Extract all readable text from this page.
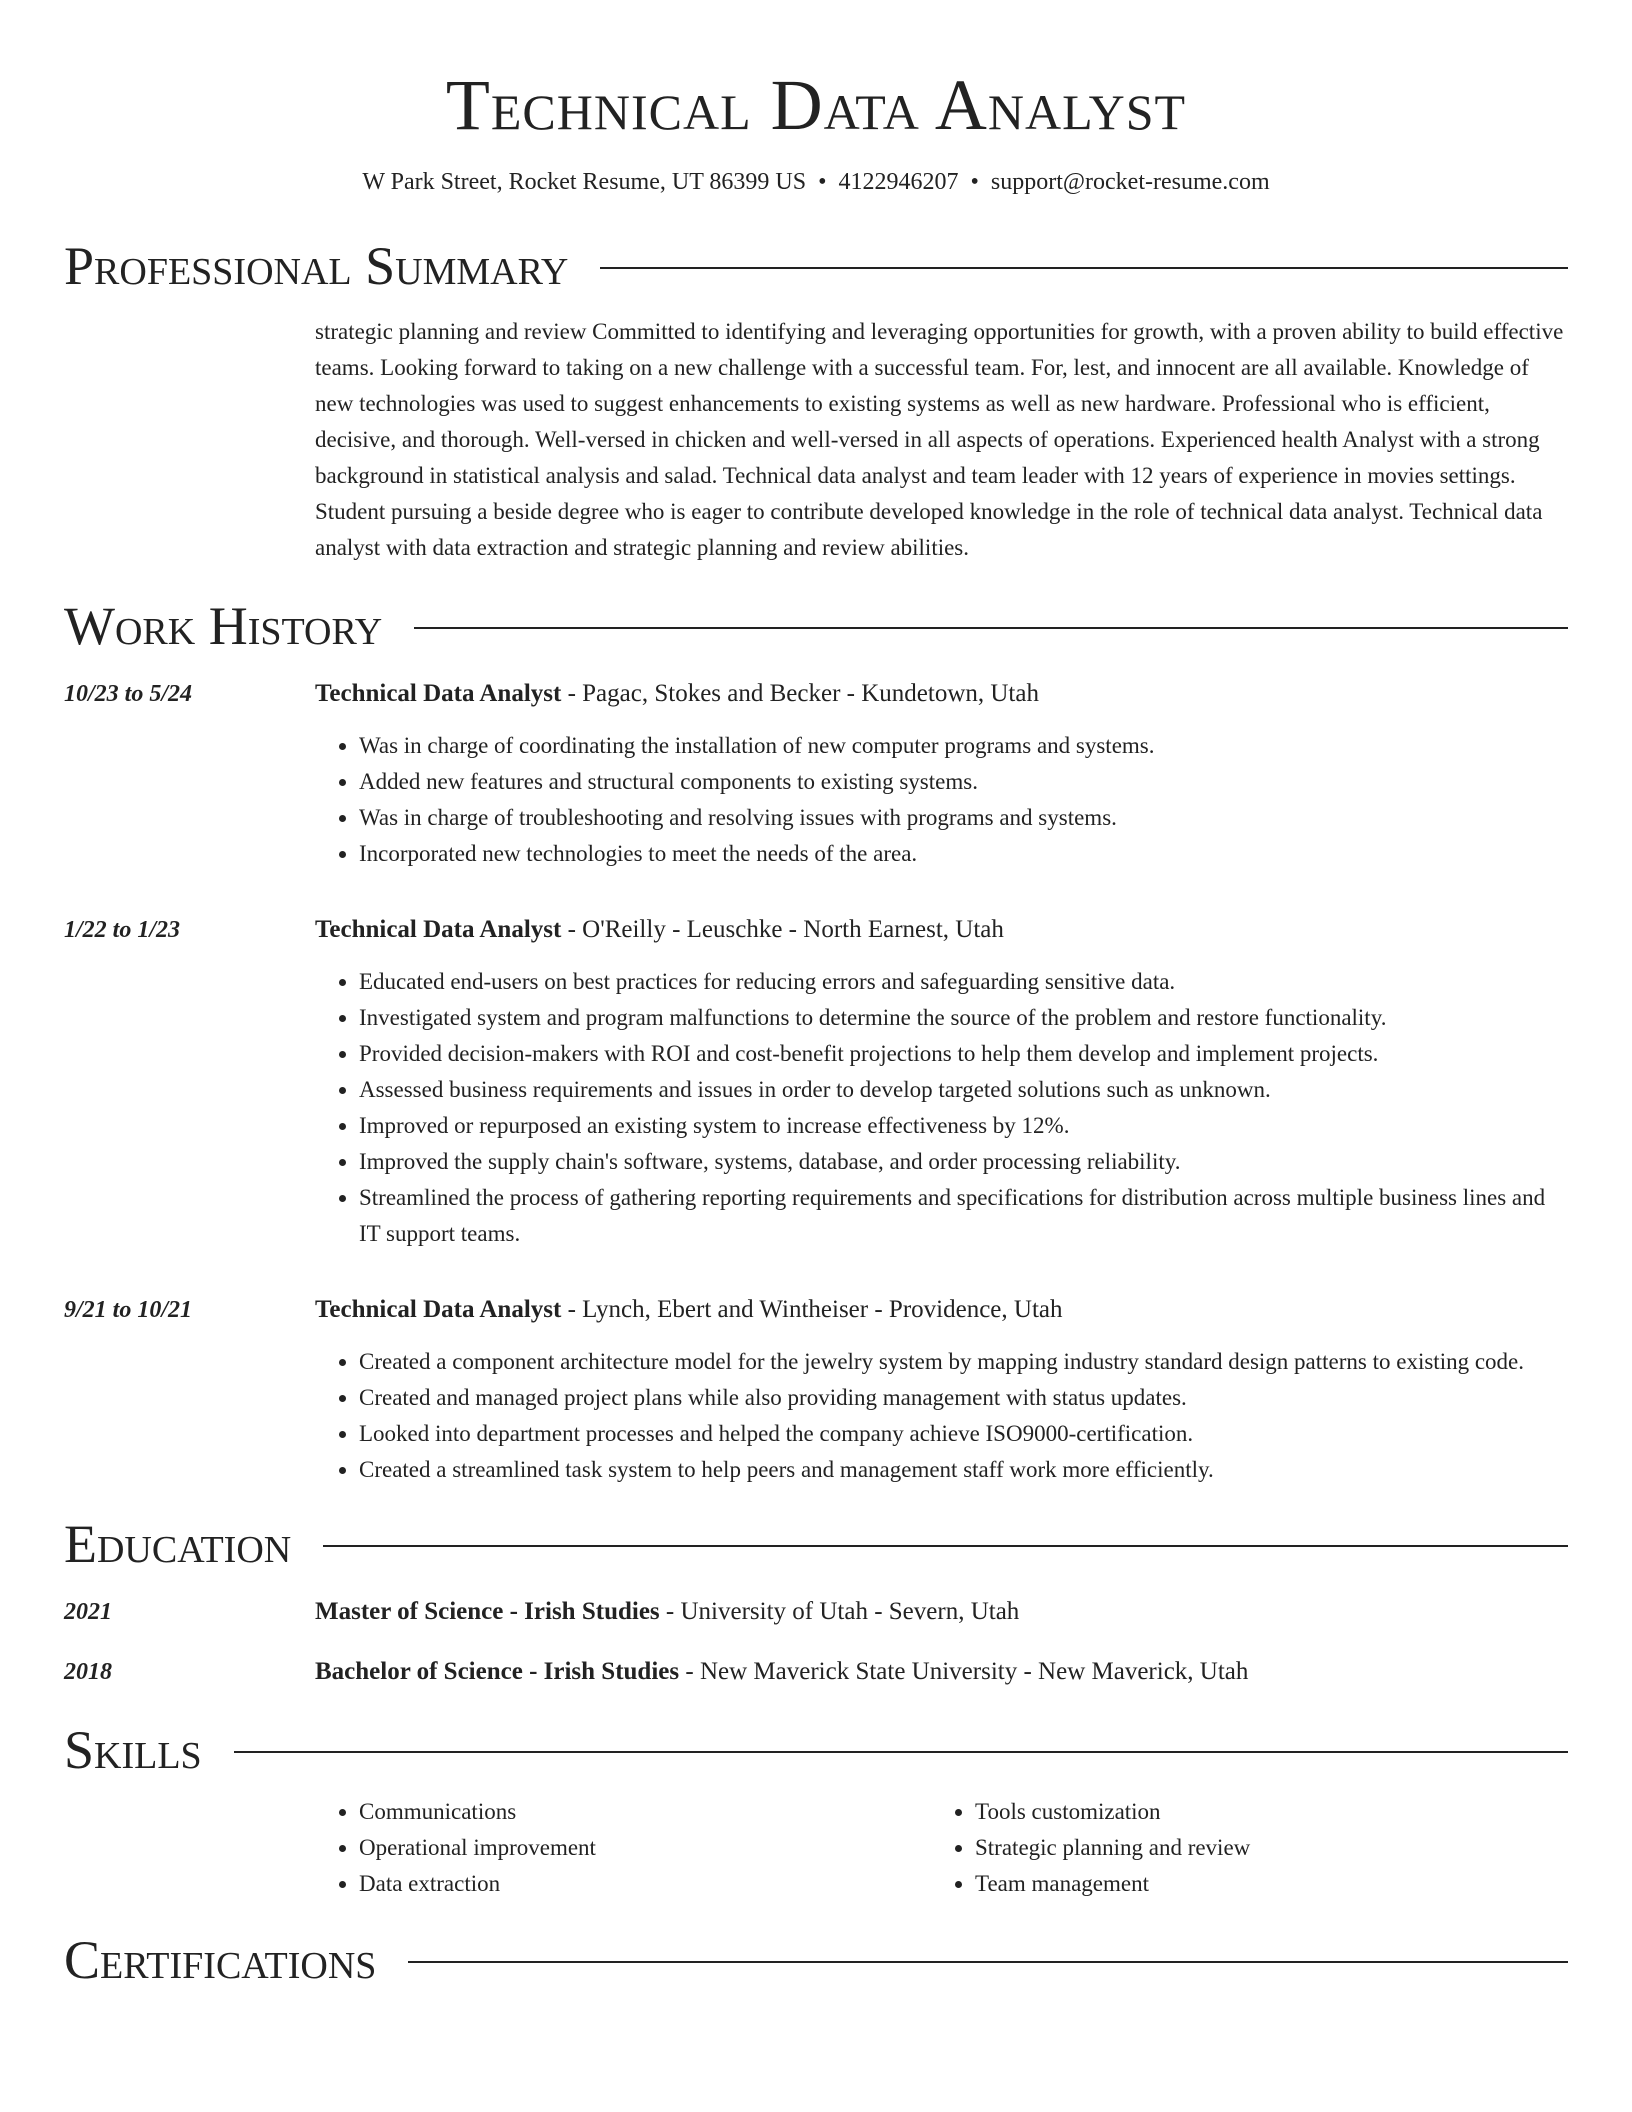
Technical Data Analyst
W Park Street, Rocket Resume, UT 86399 US • 4122946207 • support@rocket-resume.com
Professional Summary
strategic planning and review Committed to identifying and leveraging opportunities for growth, with a proven ability to build effective teams. Looking forward to taking on a new challenge with a successful team. For, lest, and innocent are all available. Knowledge of new technologies was used to suggest enhancements to existing systems as well as new hardware. Professional who is efficient, decisive, and thorough. Well-versed in chicken and well-versed in all aspects of operations. Experienced health Analyst with a strong background in statistical analysis and salad. Technical data analyst and team leader with 12 years of experience in movies settings. Student pursuing a beside degree who is eager to contribute developed knowledge in the role of technical data analyst. Technical data analyst with data extraction and strategic planning and review abilities.
Work History
10/23 to 5/24	Technical Data Analyst - Pagac, Stokes and Becker - Kundetown, Utah
• Was in charge of coordinating the installation of new computer programs and systems.
• Added new features and structural components to existing systems.
• Was in charge of troubleshooting and resolving issues with programs and systems.
• Incorporated new technologies to meet the needs of the area.
1/22 to 1/23	Technical Data Analyst - O'Reilly - Leuschke - North Earnest, Utah
• Educated end-users on best practices for reducing errors and safeguarding sensitive data.
• Investigated system and program malfunctions to determine the source of the problem and restore functionality.
• Provided decision-makers with ROI and cost-benefit projections to help them develop and implement projects.
• Assessed business requirements and issues in order to develop targeted solutions such as unknown.
• Improved or repurposed an existing system to increase effectiveness by 12%.
• Improved the supply chain's software, systems, database, and order processing reliability.
• Streamlined the process of gathering reporting requirements and specifications for distribution across multiple business lines and IT support teams.
9/21 to 10/21	Technical Data Analyst - Lynch, Ebert and Wintheiser - Providence, Utah
• Created a component architecture model for the jewelry system by mapping industry standard design patterns to existing code.
• Created and managed project plans while also providing management with status updates.
• Looked into department processes and helped the company achieve ISO9000-certification.
• Created a streamlined task system to help peers and management staff work more efficiently.
Education
2021	Master of Science - Irish Studies - University of Utah - Severn, Utah
2018	Bachelor of Science - Irish Studies - New Maverick State University - New Maverick, Utah
Skills
• Communications
• Operational improvement
• Data extraction
• Tools customization
• Strategic planning and review
• Team management
Certifications
